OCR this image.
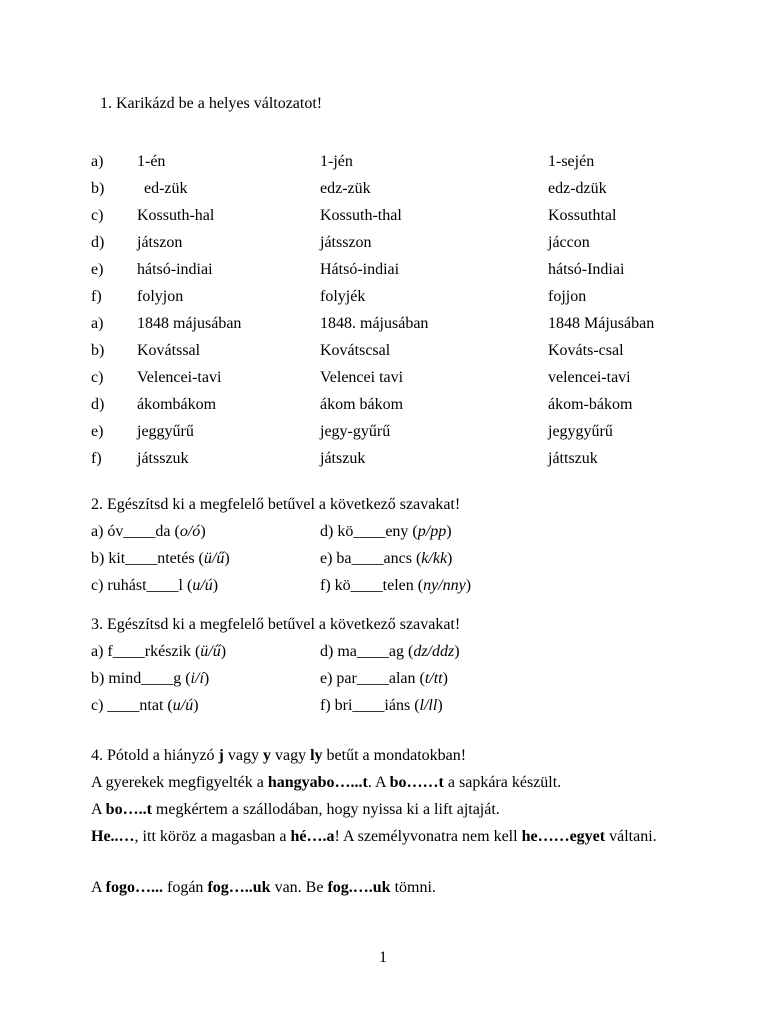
1. Karikázd be a helyes változatot!
a) 1-én	1-jén	1-sején
b) ed-zük	edz-zük	edz-dzük
c) Kossuth-hal	Kossuth-thal	Kossuthtal
d) játszon	játsszon	jáccon
e) hátsó-indiai	Hátsó-indiai	hátsó-Indiai
f) folyjon	folyjék	fojjon
a) 1848 májusában	1848. májusában	1848 Májusában
b) Kovátssal	Kovátscsal	Kováts-csal
c) Velencei-tavi	Velencei tavi	velencei-tavi
d) ákombákom	ákom bákom	ákom-bákom
e) jeggyűrű	jegy-gyűrű	jegygyűrű
f) játsszuk	játszuk	játtszuk
2. Egészítsd ki a megfelelő betűvel a következő szavakat!
a) óv____da (o/ó)	d) kö____eny (p/pp)
b) kit____ntetés (ü/ű)	e) ba____ancs (k/kk)
c) ruhást____l (u/ú)	f) kö____telen (ny/nny)
3. Egészítsd ki a megfelelő betűvel a következő szavakat!
a) f____rkészik (ü/ű)	d) ma____ag (dz/ddz)
b) mind____g (i/í)	e) par____alan (t/tt)
c) ____ntat (u/ú)	f) bri____iáns (l/ll)
4. Pótold a hiányzó j vagy y vagy ly betűt a mondatokban!
A gyerekek megfigyelték a hangyabo…...t. A bo……t a sapkára készült.
A bo…..t megkértem a szállodában, hogy nyissa ki a lift ajtaját.
He..…, itt köröz a magasban a hé….a! A személyvonatra nem kell he……egyet váltani.
A fogo…... fogán fog…..uk van. Be fog.….uk tömni.
1
